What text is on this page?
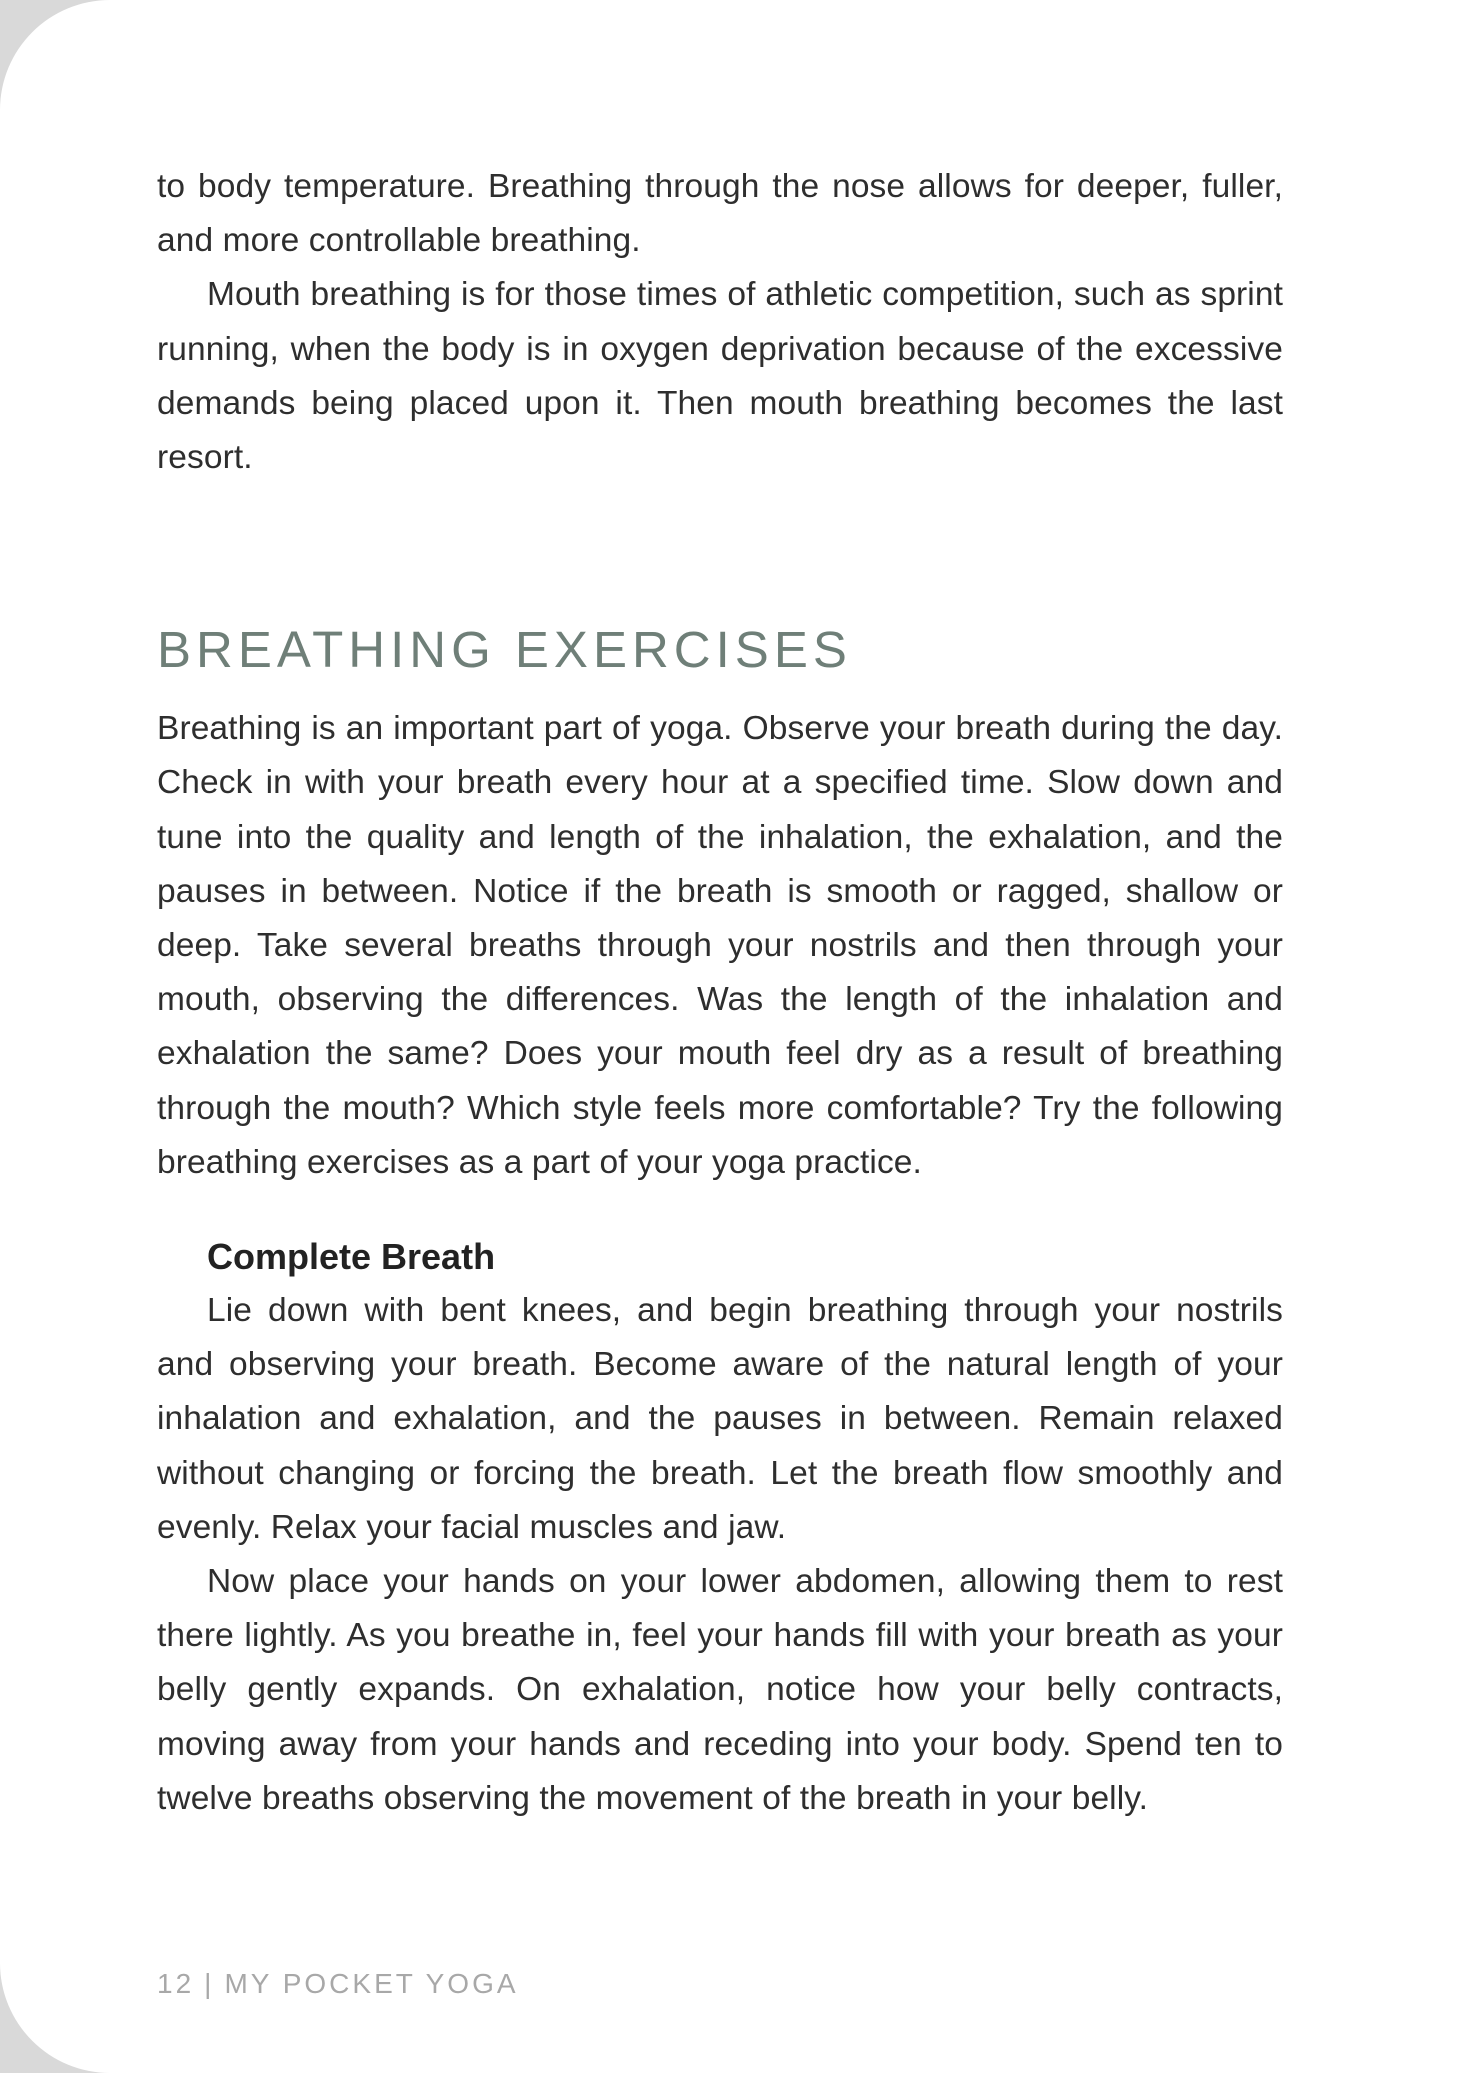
to body temperature. Breathing through the nose allows for deeper, fuller, and more controllable breathing.

Mouth breathing is for those times of athletic competition, such as sprint running, when the body is in oxygen deprivation because of the excessive demands being placed upon it. Then mouth breathing becomes the last resort.

BREATHING EXERCISES

Breathing is an important part of yoga. Observe your breath during the day. Check in with your breath every hour at a specified time. Slow down and tune into the quality and length of the inhalation, the exhalation, and the pauses in between. Notice if the breath is smooth or ragged, shallow or deep. Take several breaths through your nostrils and then through your mouth, observing the differences. Was the length of the inhalation and exhalation the same? Does your mouth feel dry as a result of breathing through the mouth? Which style feels more comfortable? Try the following breathing exercises as a part of your yoga practice.

Complete Breath

Lie down with bent knees, and begin breathing through your nostrils and observing your breath. Become aware of the natural length of your inhalation and exhalation, and the pauses in between. Remain relaxed without changing or forcing the breath. Let the breath flow smoothly and evenly. Relax your facial muscles and jaw.

Now place your hands on your lower abdomen, allowing them to rest there lightly. As you breathe in, feel your hands fill with your breath as your belly gently expands. On exhalation, notice how your belly contracts, moving away from your hands and receding into your body. Spend ten to twelve breaths observing the movement of the breath in your belly.

12 | MY POCKET YOGA
